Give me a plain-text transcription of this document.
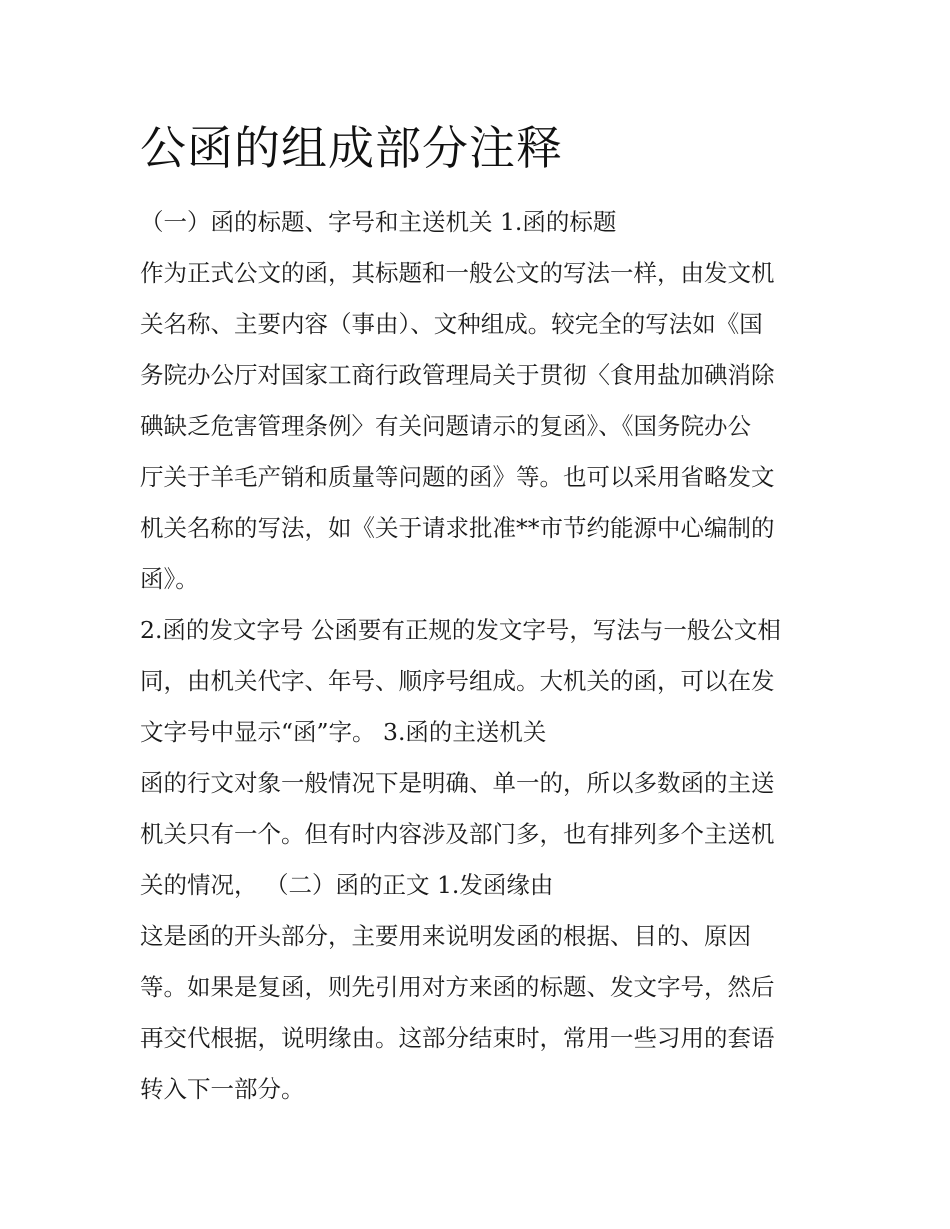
公函的组成部分注释

（一）函的标题、字号和主送机关 1.函的标题

作为正式公文的函，其标题和一般公文的写法一样，由发文机

关名称、主要内容（事由）、文种组成。较完全的写法如《国

务院办公厅对国家工商行政管理局关于贯彻〈食用盐加碘消除

碘缺乏危害管理条例〉有关问题请示的复函》、《国务院办公

厅关于羊毛产销和质量等问题的函》等。也可以采用省略发文

机关名称的写法，如《关于请求批准**市节约能源中心编制的

函》。

2.函的发文字号 公函要有正规的发文字号，写法与一般公文相

同，由机关代字、年号、顺序号组成。大机关的函，可以在发

文字号中显示“函”字。 3.函的主送机关

函的行文对象一般情况下是明确、单一的，所以多数函的主送

机关只有一个。但有时内容涉及部门多，也有排列多个主送机

关的情况， （二）函的正文 1.发函缘由

这是函的开头部分，主要用来说明发函的根据、目的、原因

等。如果是复函，则先引用对方来函的标题、发文字号，然后

再交代根据，说明缘由。这部分结束时，常用一些习用的套语

转入下一部分。
